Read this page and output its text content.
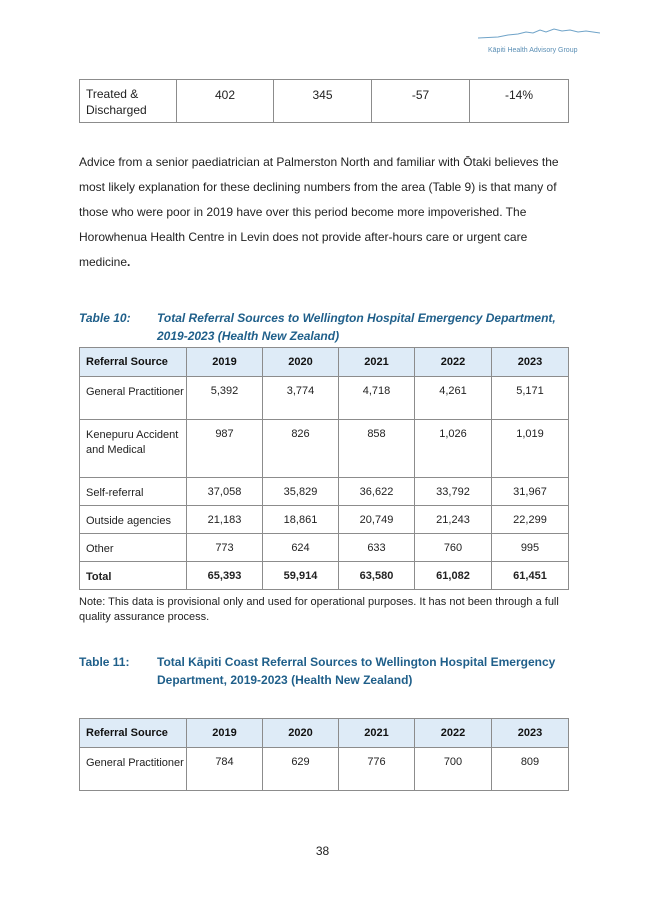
Kāpiti Health Advisory Group
Treated & Discharged	402	345	-57	-14%
Advice from a senior paediatrician at Palmerston North and familiar with Ōtaki believes the most likely explanation for these declining numbers from the area (Table 9) is that many of those who were poor in 2019 have over this period become more impoverished. The Horowhenua Health Centre in Levin does not provide after-hours care or urgent care medicine.
Table 10: Total Referral Sources to Wellington Hospital Emergency Department, 2019-2023 (Health New Zealand)
Referral Source	2019	2020	2021	2022	2023
General Practitioner	5,392	3,774	4,718	4,261	5,171
Kenepuru Accident and Medical	987	826	858	1,026	1,019
Self-referral	37,058	35,829	36,622	33,792	31,967
Outside agencies	21,183	18,861	20,749	21,243	22,299
Other	773	624	633	760	995
Total	65,393	59,914	63,580	61,082	61,451
Note: This data is provisional only and used for operational purposes. It has not been through a full quality assurance process.
Table 11: Total Kāpiti Coast Referral Sources to Wellington Hospital Emergency Department, 2019-2023 (Health New Zealand)
Referral Source	2019	2020	2021	2022	2023
General Practitioner	784	629	776	700	809
38
